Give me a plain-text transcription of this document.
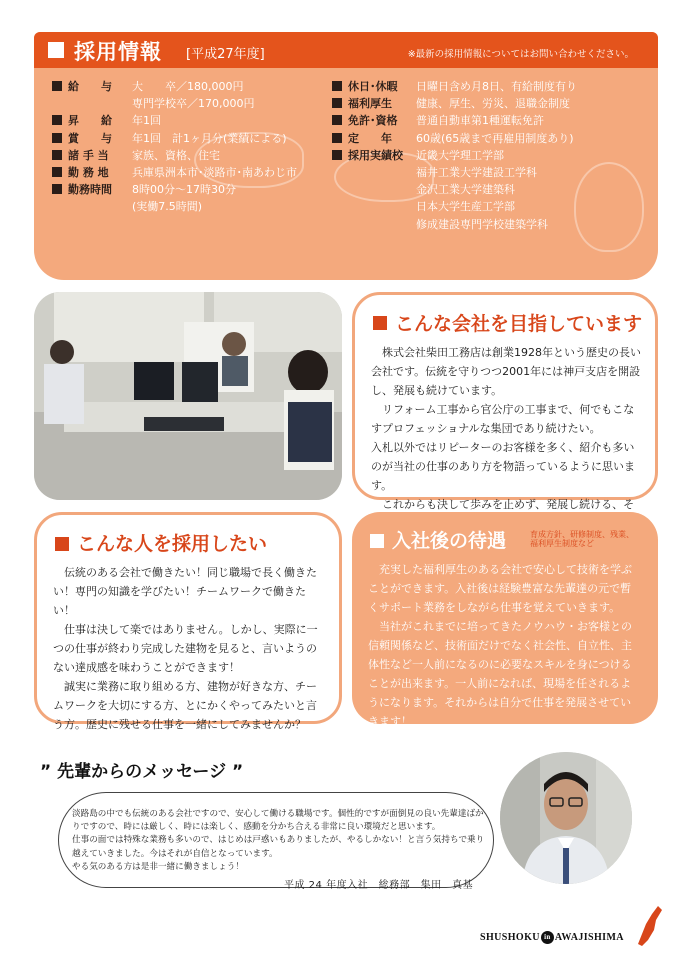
採用情報 [平成27年度]	※最新の採用情報についてはお問い合わせください。
給　　与	大　　卒／180,000円
専門学校卒／170,000円
昇　　給	年1回
賞　　与	年1回　計1ヶ月分(業績による)
諸 手 当	家族、資格、住宅
勤 務 地	兵庫県洲本市･淡路市･南あわじ市
勤務時間	8時00分～17時30分
(実働7.5時間)
休日･休暇	日曜日含め月8日、有給制度有り
福利厚生	健康、厚生、労災、退職金制度
免許･資格	普通自動車第1種運転免許
定　　年	60歳(65歳まで再雇用制度あり)
採用実績校	近畿大学理工学部
福井工業大学建設工学科
金沢工業大学建築科
日本大学生産工学部
修成建設専門学校建築学科
こんな会社を目指しています
　株式会社柴田工務店は創業1928年という歴史の長い会社です。伝統を守りつつ2001年には神戸支店を開設し、発展も続けています。
　リフォーム工事から官公庁の工事まで、何でもこなすプロフェッショナルな集団であり続けたい。
入札以外ではリピーターのお客様を多く、紹介も多いのが当社の仕事のあり方を物語っているように思います。
　これからも決して歩みを止めず、発展し続ける、そ
こんな人を採用したい
　伝統のある会社で働きたい！同じ職場で長く働きたい！専門の知識を学びたい！チームワークで働きたい！
　仕事は決して楽ではありません。しかし、実際に一つの仕事が終わり完成した建物を見ると、言いようのない達成感を味わうことができます！
　誠実に業務に取り組める方、建物が好きな方、チームワークを大切にする方、とにかくやってみたいと言う方。歴史に残せる仕事を一緒にしてみませんか？
入社後の待遇	育成方針、研修制度、残業、
福利厚生制度など
　充実した福利厚生のある会社で安心して技術を学ぶことができます。入社後は経験豊富な先輩達の元で暫くサポート業務をしながら仕事を覚えていきます。
　当社がこれまでに培ってきたノウハウ・お客様との信頼関係など、技術面だけでなく社会性、自立性、主体性など一人前になるのに必要なスキルを身につけることが出来ます。一人前になれば、現場を任されるようになります。それからは自分で仕事を発展させていきます！
” 先輩からのメッセージ ”
淡路島の中でも伝統のある会社ですので、安心して働ける職場です。個性的ですが面倒見の良い先輩達ばかりですので、時には厳しく、時には楽しく、感動を分かち合える非常に良い環境だと思います。
仕事の面では特殊な業務も多いので、はじめは戸惑いもありましたが、やるしかない！と言う気持ちで乗り越えていきました。今はそれが自信となっています。
やる気のある方は是非一緒に働きましょう！
平成 24 年度入社　総務部　集田　真基
SHUSHOKU in AWAJISHIMA
